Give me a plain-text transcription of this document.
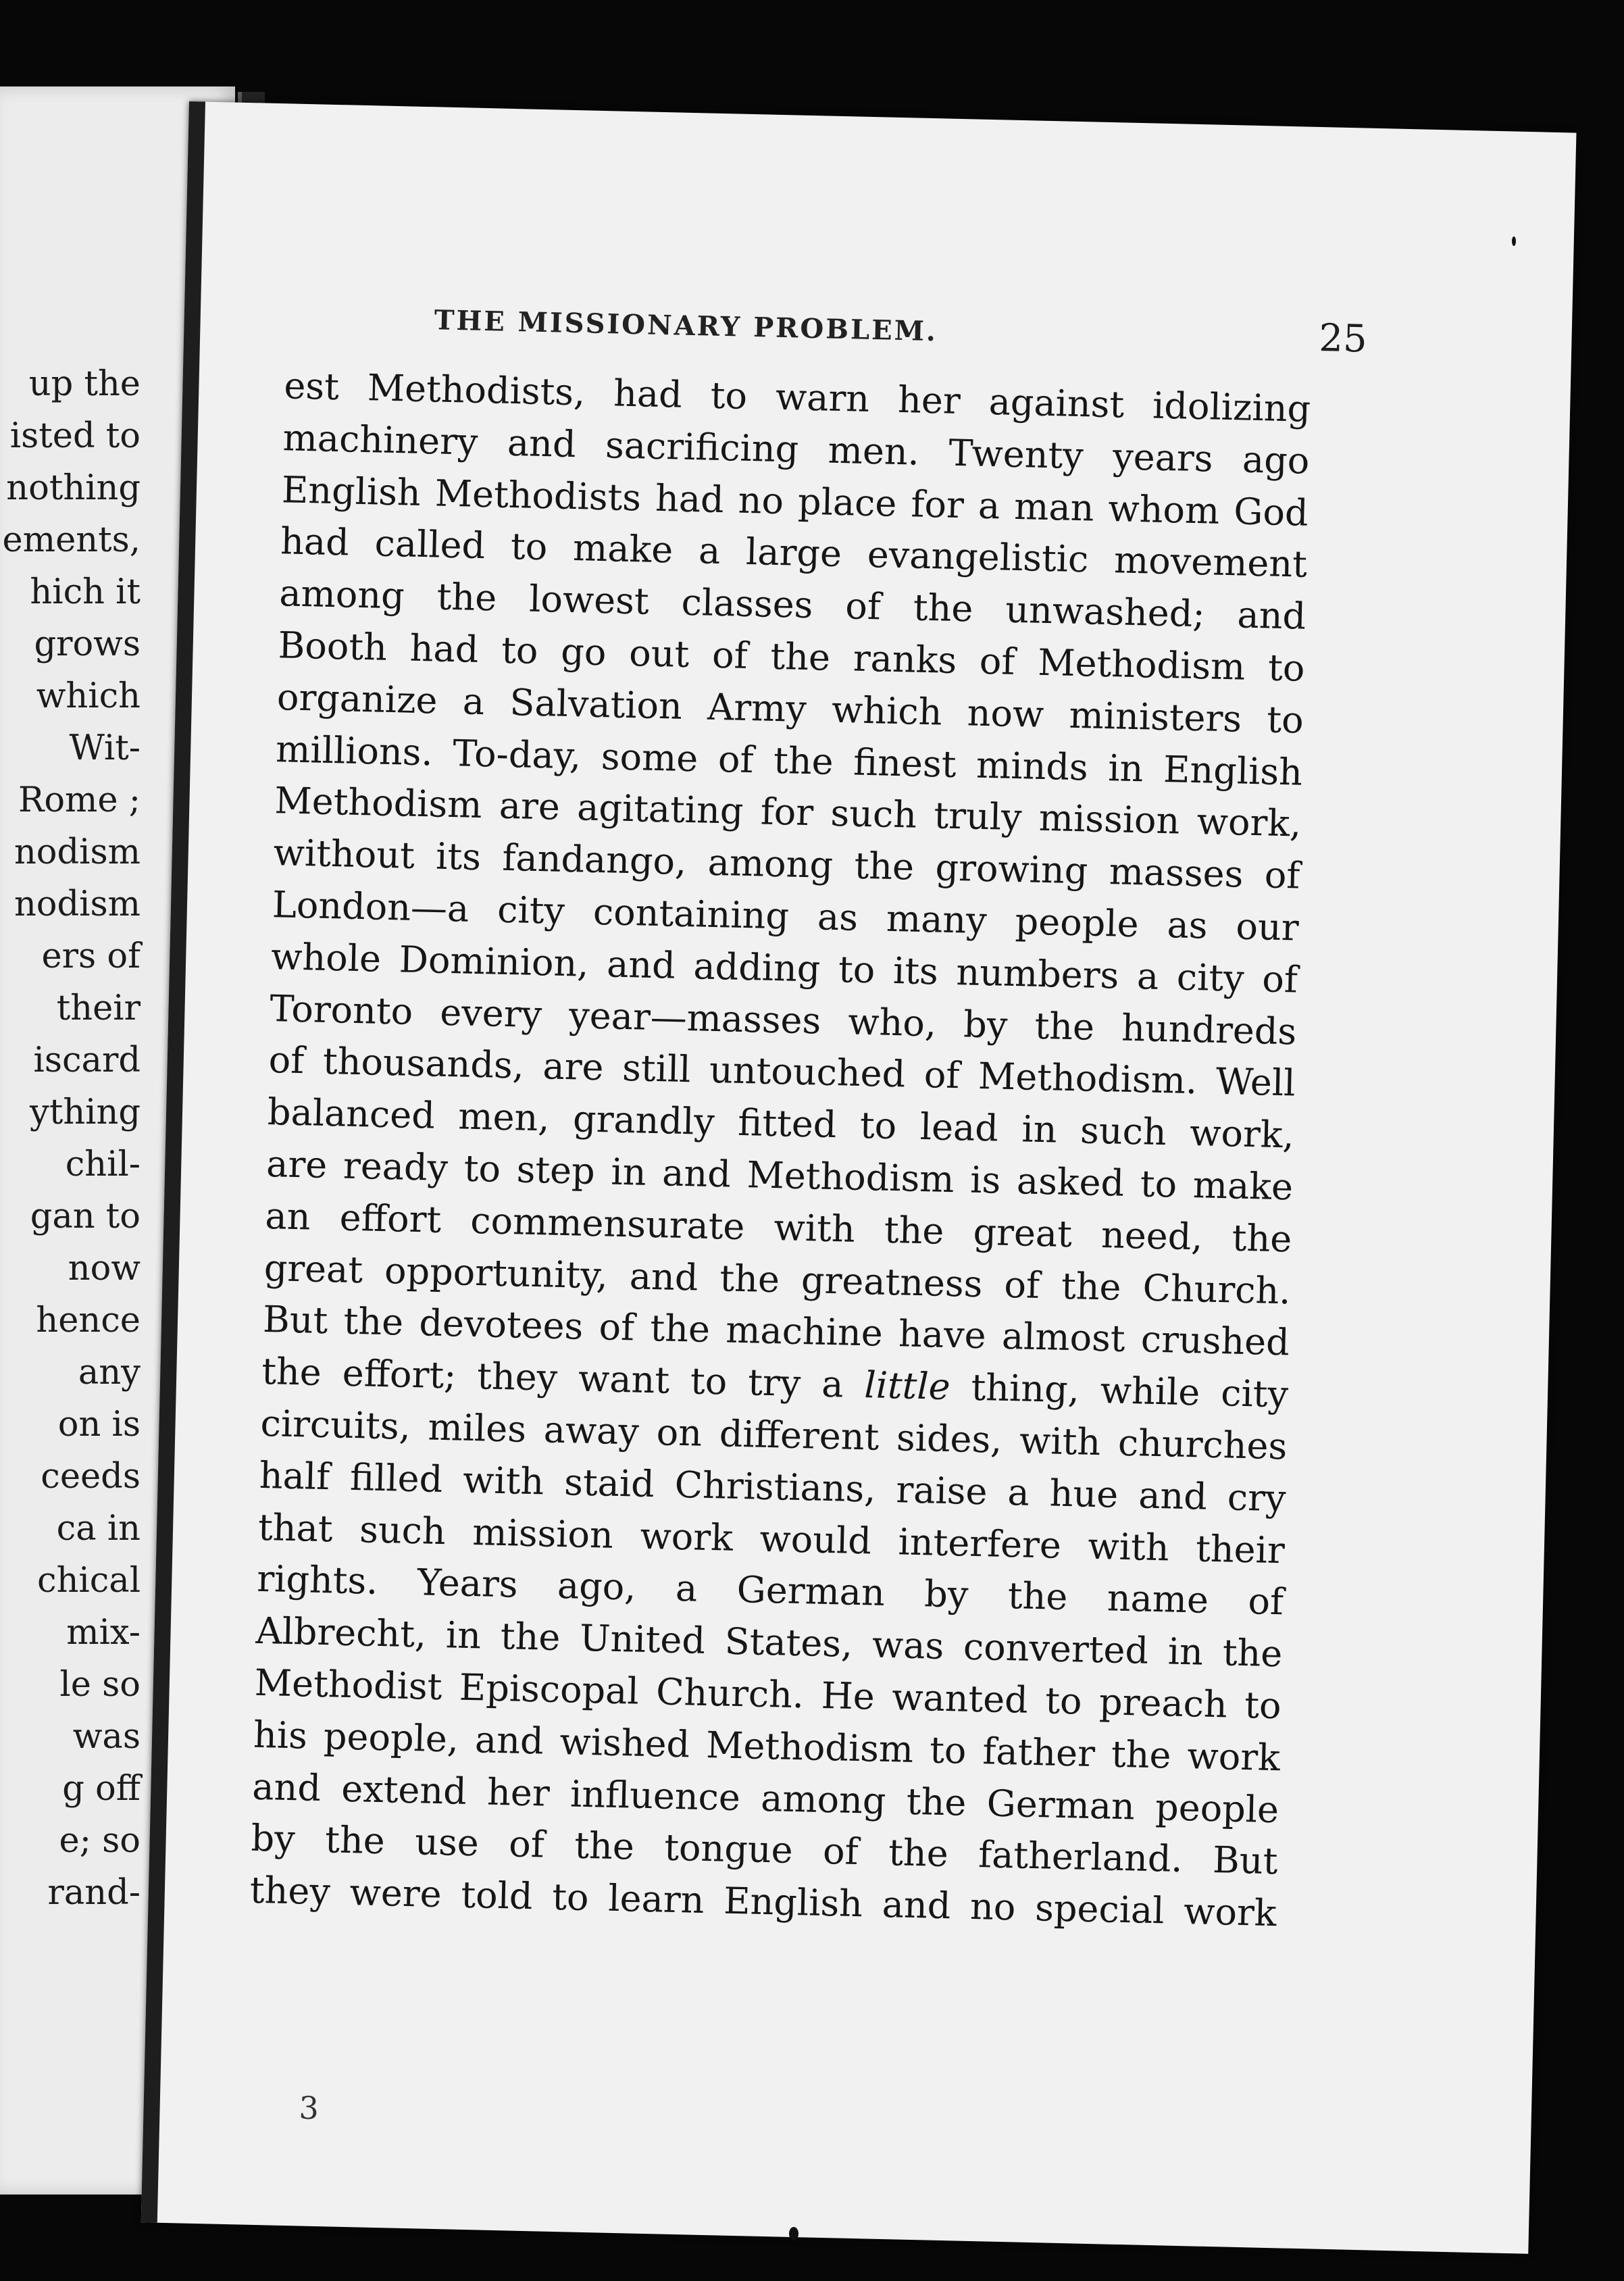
up the
isted to
nothing
ements,
hich it
grows
which
Wit-
Rome ;
nodism
nodism
ers of
their
iscard
ything
chil-
gan to
now
hence
any
on is
ceeds
ca in
chical
mix-
le so
was
g off
e; so
rand-
THE MISSIONARY PROBLEM.	25
est Methodists, had to warn her against idolizing
machinery and sacrificing men. Twenty years ago
English Methodists had no place for a man whom God
had called to make a large evangelistic movement
among the lowest classes of the unwashed; and
Booth had to go out of the ranks of Methodism to
organize a Salvation Army which now ministers to
millions. To-day, some of the finest minds in English
Methodism are agitating for such truly mission work,
without its fandango, among the growing masses of
London—a city containing as many people as our
whole Dominion, and adding to its numbers a city of
Toronto every year—masses who, by the hundreds
of thousands, are still untouched of Methodism. Well
balanced men, grandly fitted to lead in such work,
are ready to step in and Methodism is asked to make
an effort commensurate with the great need, the
great opportunity, and the greatness of the Church.
But the devotees of the machine have almost crushed
the effort; they want to try a little thing, while city
circuits, miles away on different sides, with churches
half filled with staid Christians, raise a hue and cry
that such mission work would interfere with their
rights. Years ago, a German by the name of
Albrecht, in the United States, was converted in the
Methodist Episcopal Church. He wanted to preach to
his people, and wished Methodism to father the work
and extend her influence among the German people
by the use of the tongue of the fatherland. But
they were told to learn English and no special work
3
